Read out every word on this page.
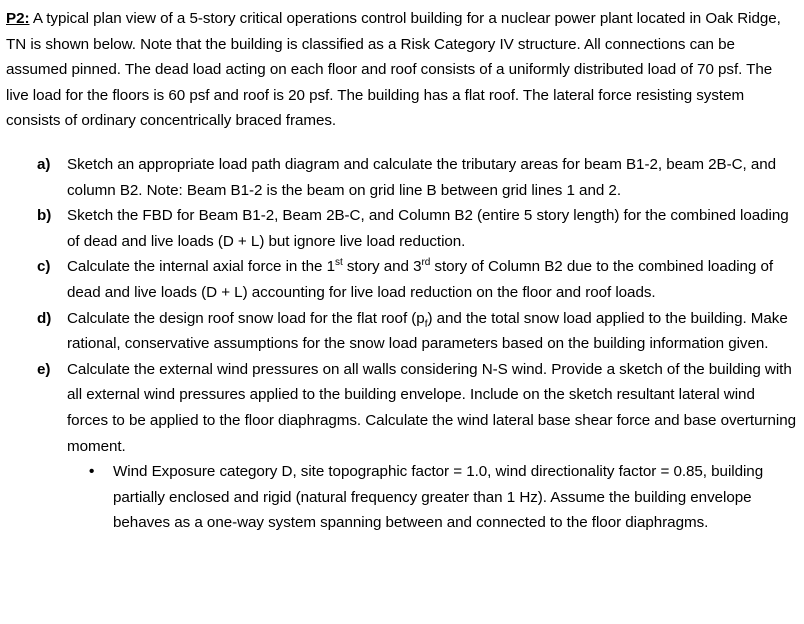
P2: A typical plan view of a 5-story critical operations control building for a nuclear power plant located in Oak Ridge, TN is shown below. Note that the building is classified as a Risk Category IV structure. All connections can be assumed pinned. The dead load acting on each floor and roof consists of a uniformly distributed load of 70 psf. The live load for the floors is 60 psf and roof is 20 psf. The building has a flat roof. The lateral force resisting system consists of ordinary concentrically braced frames.

a) Sketch an appropriate load path diagram and calculate the tributary areas for beam B1-2, beam 2B-C, and column B2. Note: Beam B1-2 is the beam on grid line B between grid lines 1 and 2.
b) Sketch the FBD for Beam B1-2, Beam 2B-C, and Column B2 (entire 5 story length) for the combined loading of dead and live loads (D + L) but ignore live load reduction.
c) Calculate the internal axial force in the 1st story and 3rd story of Column B2 due to the combined loading of dead and live loads (D + L) accounting for live load reduction on the floor and roof loads.
d) Calculate the design roof snow load for the flat roof $(p_f)$ and the total snow load applied to the building. Make rational, conservative assumptions for the snow load parameters based on the building information given.
e) Calculate the external wind pressures on all walls considering N-S wind. Provide a sketch of the building with all external wind pressures applied to the building envelope. Include on the sketch resultant lateral wind forces to be applied to the floor diaphragms. Calculate the wind lateral base shear force and base overturning moment.
• Wind Exposure category D, site topographic factor = 1.0, wind directionality factor = 0.85, building partially enclosed and rigid (natural frequency greater than 1 Hz). Assume the building envelope behaves as a one-way system spanning between and connected to the floor diaphragms.
